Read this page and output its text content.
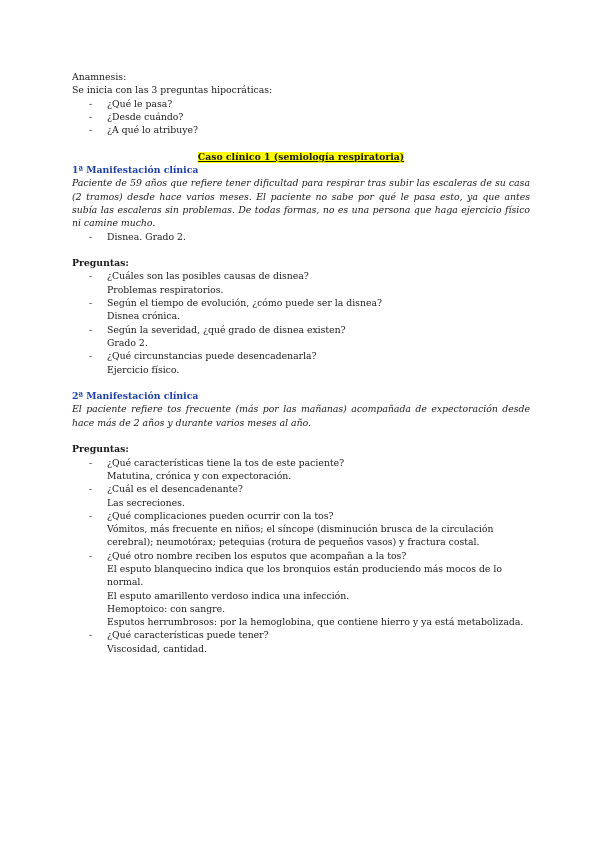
Anamnesis:

Se inicia con las 3 preguntas hipocráticas:

- ¿Qué le pasa?
- ¿Desde cuándo?
- ¿A qué lo atribuye?

Caso clínico 1 (semiología respiratoria)

1ª Manifestación clínica

Paciente de 59 años que refiere tener dificultad para respirar tras subir las escaleras de su casa (2 tramos) desde hace varios meses. El paciente no sabe por qué le pasa esto, ya que antes subía las escaleras sin problemas. De todas formas, no es una persona que haga ejercicio físico ni camine mucho.

- Disnea. Grado 2.

Preguntas:

- ¿Cuáles son las posibles causas de disnea?
Problemas respiratorios.
- Según el tiempo de evolución, ¿cómo puede ser la disnea?
Disnea crónica.
- Según la severidad, ¿qué grado de disnea existen?
Grado 2.
- ¿Qué circunstancias puede desencadenarla?
Ejercicio físico.

2ª Manifestación clínica

El paciente refiere tos frecuente (más por las mañanas) acompañada de expectoración desde hace más de 2 años y durante varios meses al año.

Preguntas:

- ¿Qué características tiene la tos de este paciente?
Matutina, crónica y con expectoración.
- ¿Cuál es el desencadenante?
Las secreciones.
- ¿Qué complicaciones pueden ocurrir con la tos?
Vómitos, más frecuente en niños; el síncope (disminución brusca de la circulación cerebral); neumotórax; petequias (rotura de pequeños vasos) y fractura costal.
- ¿Qué otro nombre reciben los esputos que acompañan a la tos?
El esputo blanquecino indica que los bronquios están produciendo más mocos de lo normal.
El esputo amarillento verdoso indica una infección.
Hemoptoico: con sangre.
Esputos herrumbrosos: por la hemoglobina, que contiene hierro y ya está metabolizada.
- ¿Qué características puede tener?
Viscosidad, cantidad.
